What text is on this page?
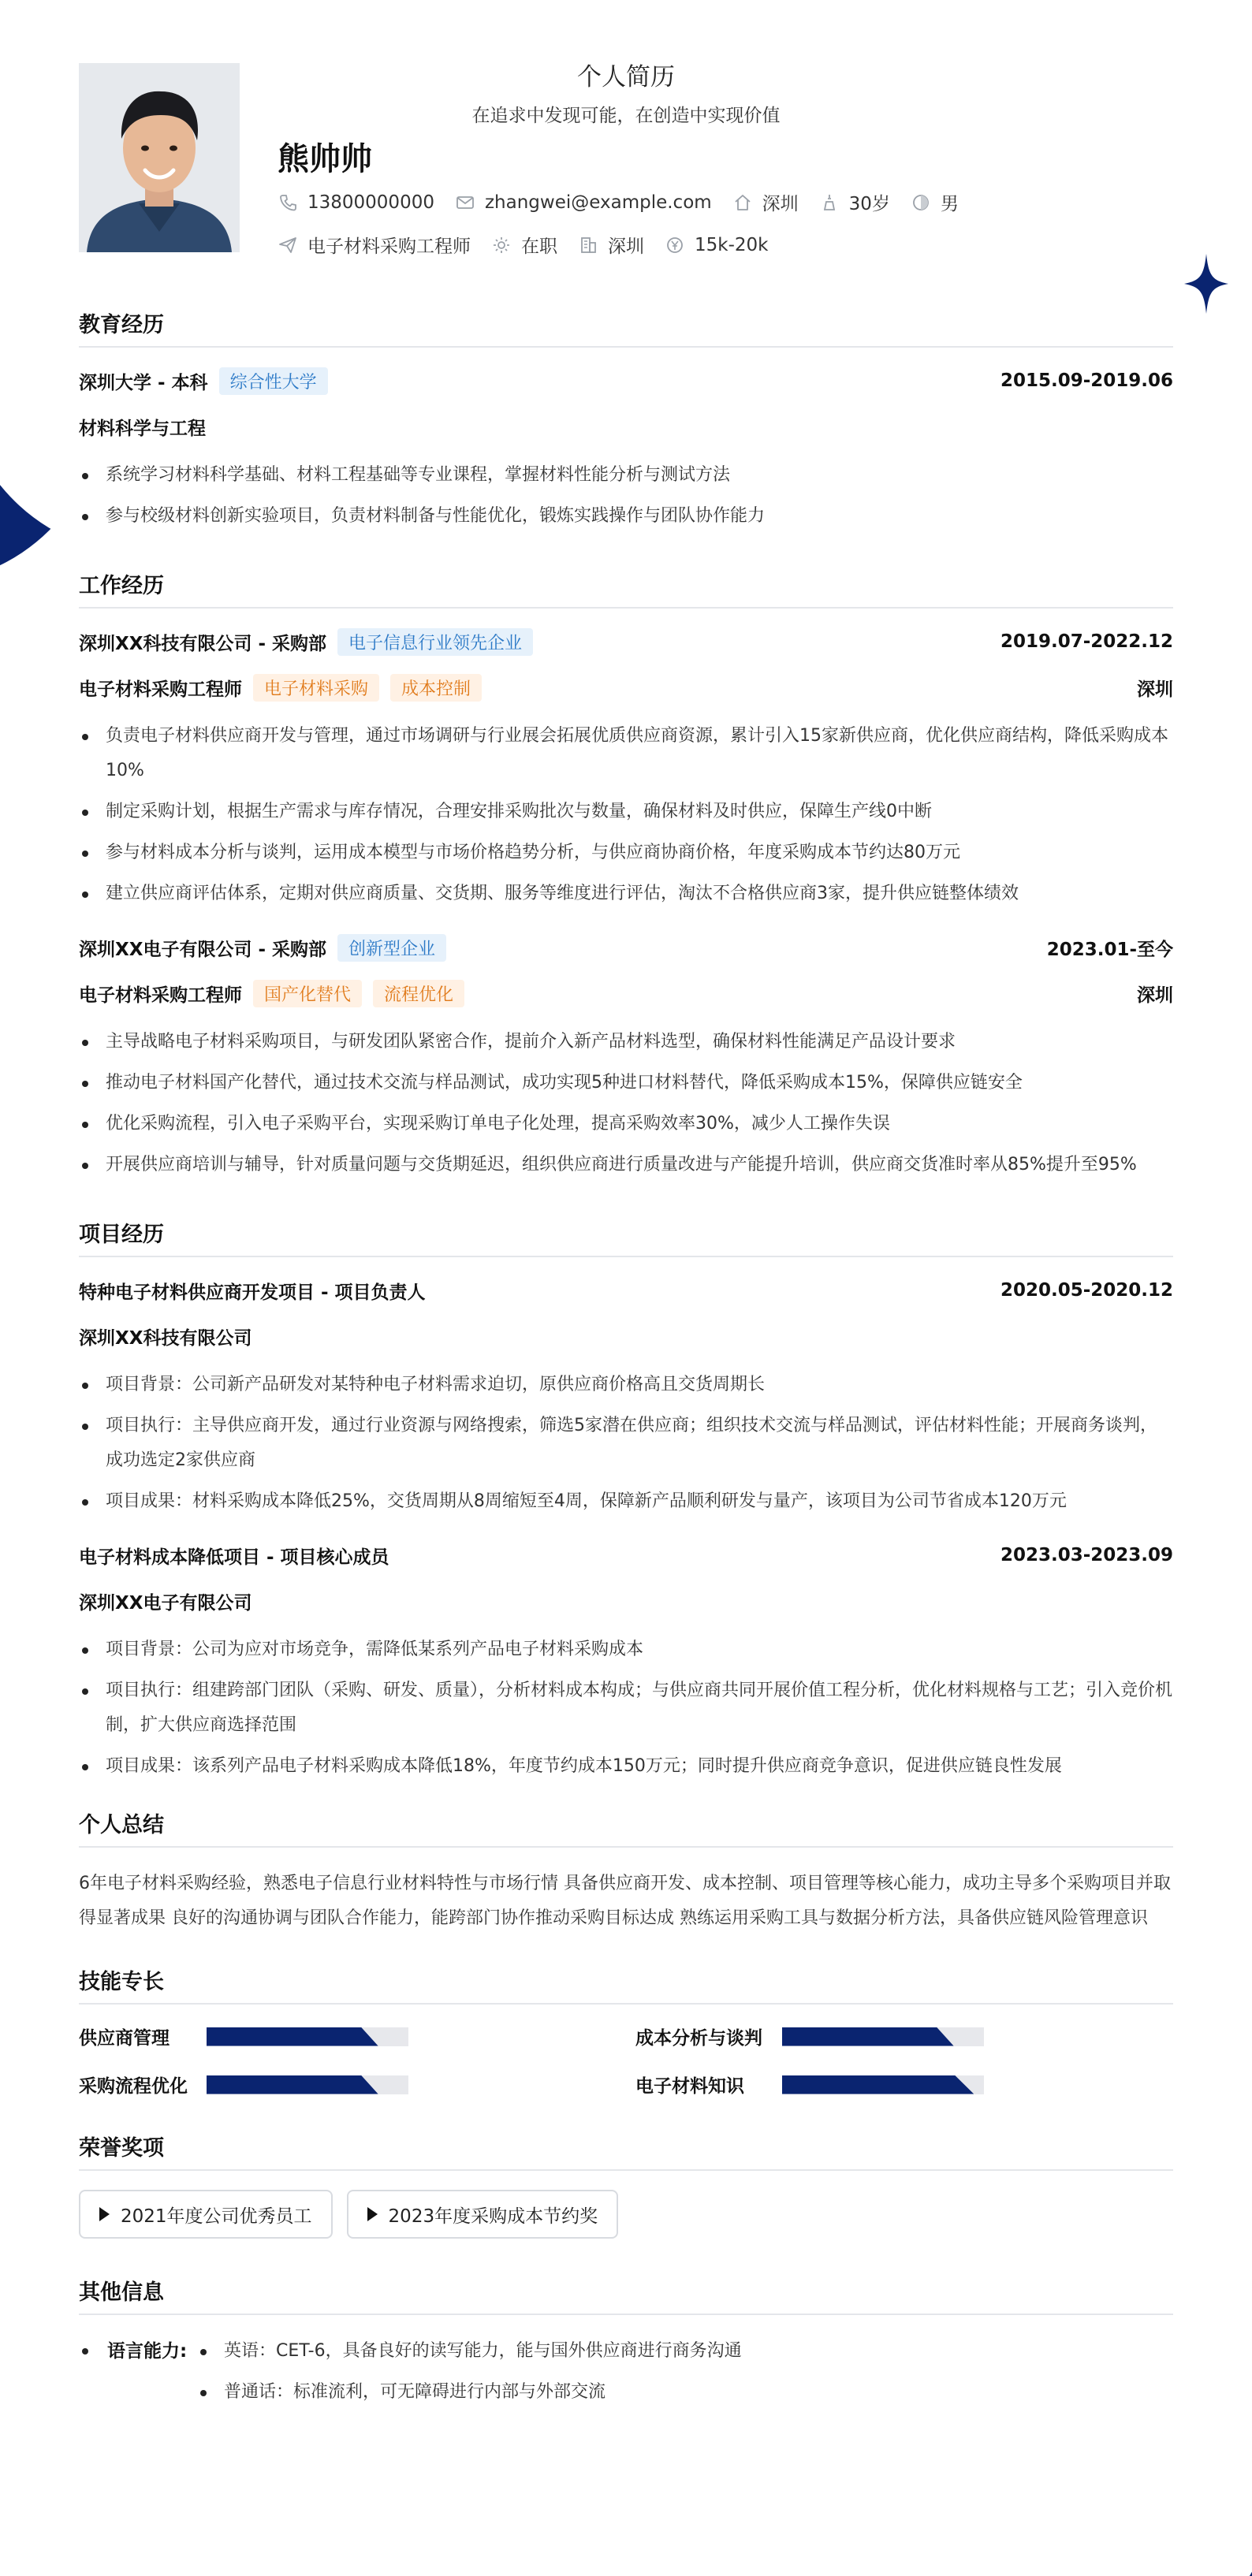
个人简历
在追求中发现可能，在创造中实现价值
熊帅帅
13800000000	zhangwei@example.com	深圳	30岁	男
电子材料采购工程师	在职	深圳	15k-20k
教育经历
深圳大学 - 本科	综合性大学	2015.09-2019.06
材料科学与工程
系统学习材料科学基础、材料工程基础等专业课程，掌握材料性能分析与测试方法
参与校级材料创新实验项目，负责材料制备与性能优化，锻炼实践操作与团队协作能力
工作经历
深圳XX科技有限公司 - 采购部	电子信息行业领先企业	2019.07-2022.12
电子材料采购工程师	电子材料采购	成本控制	深圳
负责电子材料供应商开发与管理，通过市场调研与行业展会拓展优质供应商资源，累计引入15家新供应商，优化供应商结构，降低采购成本10%
制定采购计划，根据生产需求与库存情况，合理安排采购批次与数量，确保材料及时供应，保障生产线0中断
参与材料成本分析与谈判，运用成本模型与市场价格趋势分析，与供应商协商价格，年度采购成本节约达80万元
建立供应商评估体系，定期对供应商质量、交货期、服务等维度进行评估，淘汰不合格供应商3家，提升供应链整体绩效
深圳XX电子有限公司 - 采购部	创新型企业	2023.01-至今
电子材料采购工程师	国产化替代	流程优化	深圳
主导战略电子材料采购项目，与研发团队紧密合作，提前介入新产品材料选型，确保材料性能满足产品设计要求
推动电子材料国产化替代，通过技术交流与样品测试，成功实现5种进口材料替代，降低采购成本15%，保障供应链安全
优化采购流程，引入电子采购平台，实现采购订单电子化处理，提高采购效率30%，减少人工操作失误
开展供应商培训与辅导，针对质量问题与交货期延迟，组织供应商进行质量改进与产能提升培训，供应商交货准时率从85%提升至95%
项目经历
特种电子材料供应商开发项目 - 项目负责人	2020.05-2020.12
深圳XX科技有限公司
项目背景：公司新产品研发对某特种电子材料需求迫切，原供应商价格高且交货周期长
项目执行：主导供应商开发，通过行业资源与网络搜索，筛选5家潜在供应商；组织技术交流与样品测试，评估材料性能；开展商务谈判，成功选定2家供应商
项目成果：材料采购成本降低25%，交货周期从8周缩短至4周，保障新产品顺利研发与量产，该项目为公司节省成本120万元
电子材料成本降低项目 - 项目核心成员	2023.03-2023.09
深圳XX电子有限公司
项目背景：公司为应对市场竞争，需降低某系列产品电子材料采购成本
项目执行：组建跨部门团队（采购、研发、质量），分析材料成本构成；与供应商共同开展价值工程分析，优化材料规格与工艺；引入竞价机制，扩大供应商选择范围
项目成果：该系列产品电子材料采购成本降低18%，年度节约成本150万元；同时提升供应商竞争意识，促进供应链良性发展
个人总结
6年电子材料采购经验，熟悉电子信息行业材料特性与市场行情 具备供应商开发、成本控制、项目管理等核心能力，成功主导多个采购项目并取得显著成果 良好的沟通协调与团队合作能力，能跨部门协作推动采购目标达成 熟练运用采购工具与数据分析方法，具备供应链风险管理意识
技能专长
供应商管理	成本分析与谈判
采购流程优化	电子材料知识
荣誉奖项
2021年度公司优秀员工	2023年度采购成本节约奖
其他信息
语言能力:	英语：CET-6，具备良好的读写能力，能与国外供应商进行商务沟通
普通话：标准流利，可无障碍进行内部与外部交流
